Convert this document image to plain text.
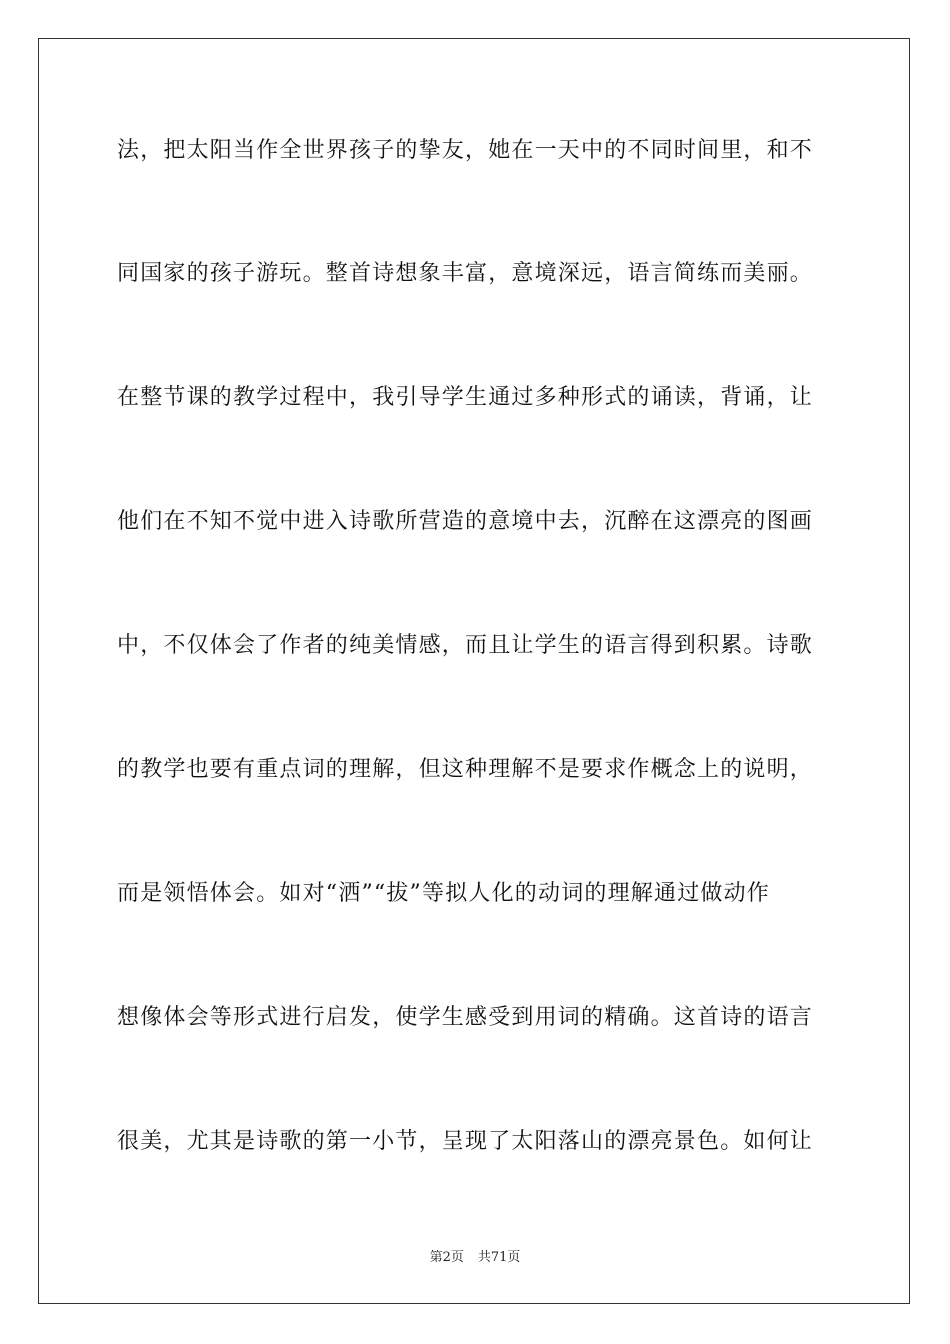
法，把太阳当作全世界孩子的挚友，她在一天中的不同时间里，和不
同国家的孩子游玩。整首诗想象丰富，意境深远，语言简练而美丽。
在整节课的教学过程中，我引导学生通过多种形式的诵读，背诵，让
他们在不知不觉中进入诗歌所营造的意境中去，沉醉在这漂亮的图画
中，不仅体会了作者的纯美情感，而且让学生的语言得到积累。诗歌
的教学也要有重点词的理解，但这种理解不是要求作概念上的说明，
而是领悟体会。如对“洒”“拔”等拟人化的动词的理解通过做动作
想像体会等形式进行启发，使学生感受到用词的精确。这首诗的语言
很美，尤其是诗歌的第一小节，呈现了太阳落山的漂亮景色。如何让
第2页 共71页
